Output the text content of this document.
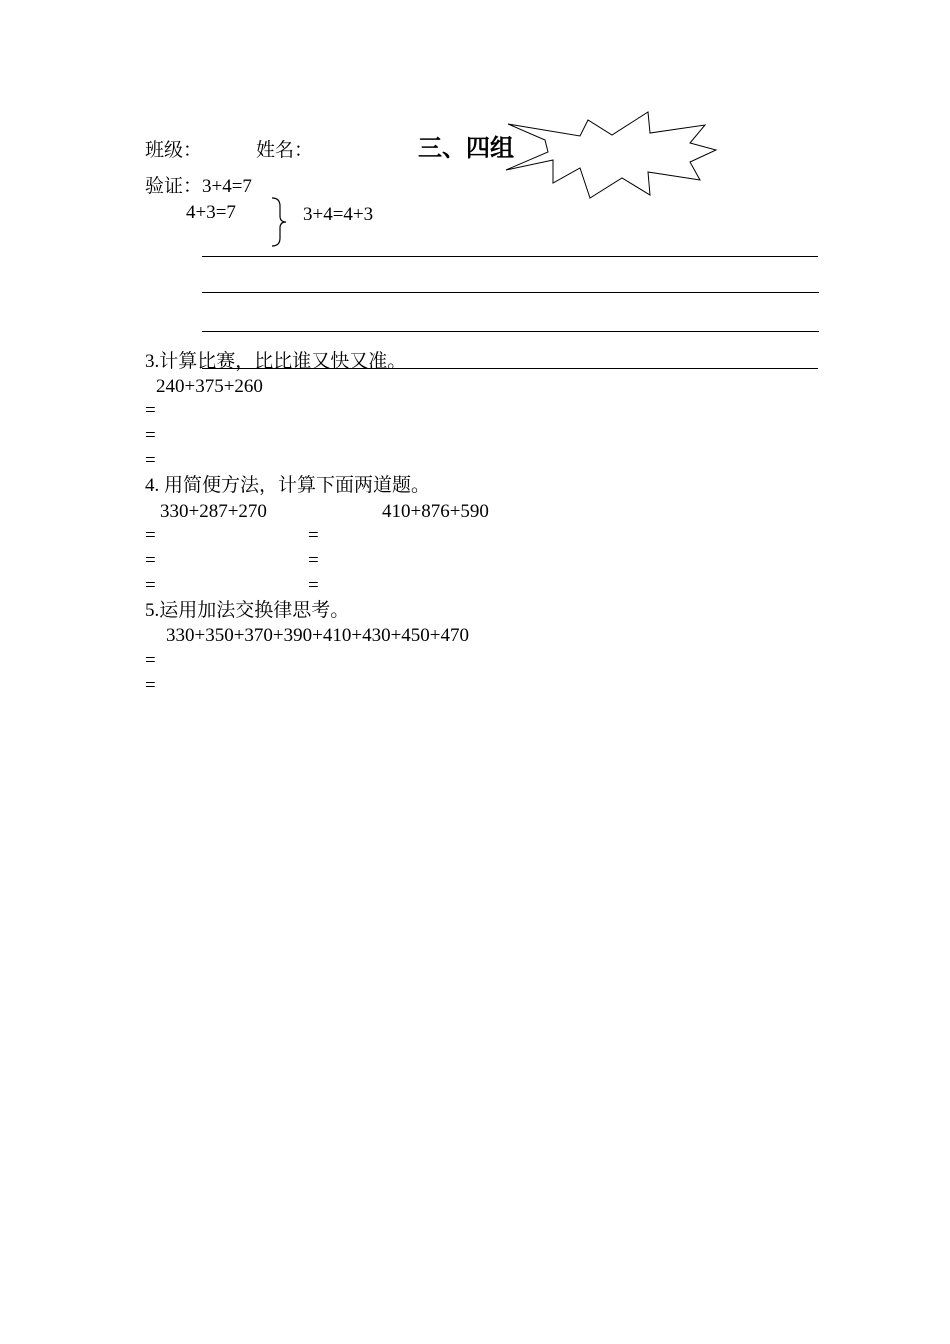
班级：	姓名：	三、四组
验证：3+4=7
4+3=7	3+4=4+3
3.计算比赛，比比谁又快又准。
240+375+260
=
=
=
4. 用简便方法，计算下面两道题。
330+287+270	410+876+590
=
=
=
=
=
=
5.运用加法交换律思考。
330+350+370+390+410+430+450+470
=
=
